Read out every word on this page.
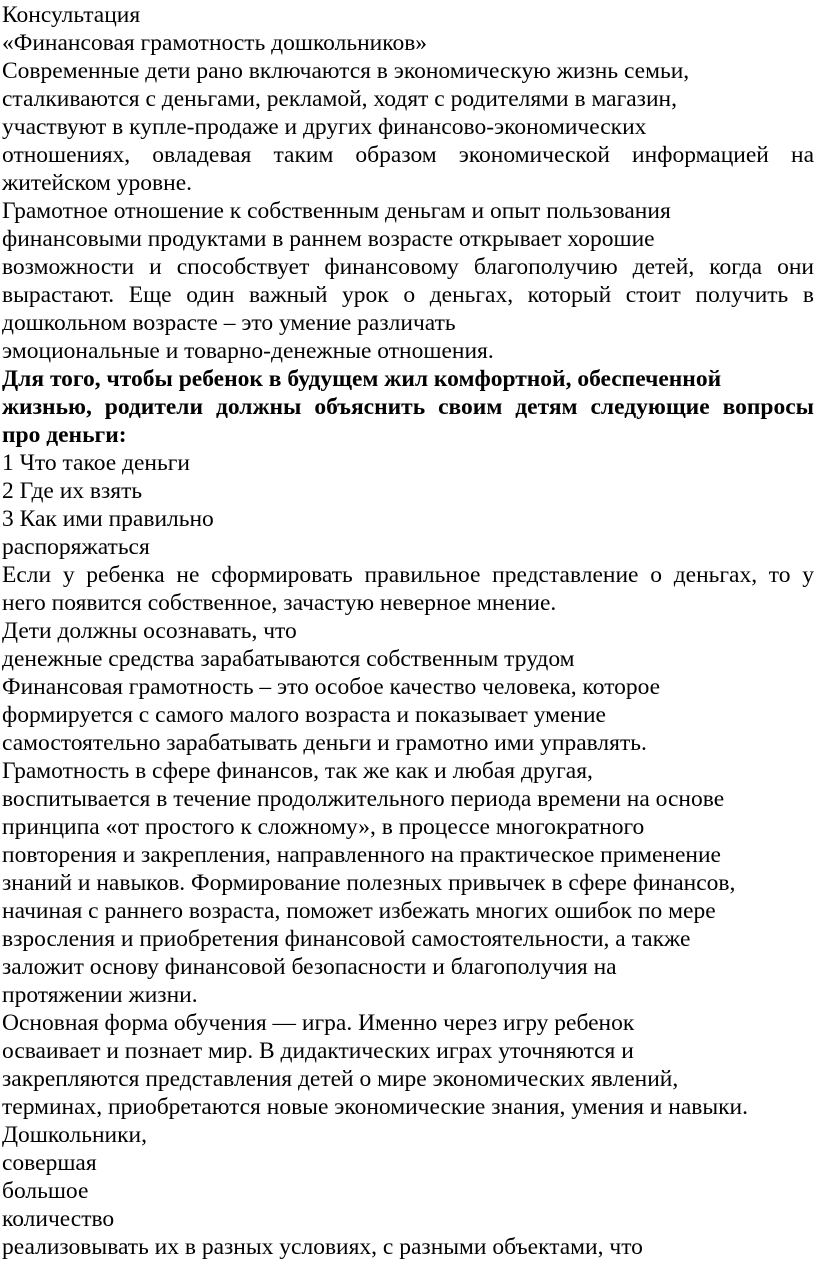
Консультация
«Финансовая грамотность дошкольников»
Современные дети рано включаются в экономическую жизнь семьи,
сталкиваются с деньгами, рекламой, ходят с родителями в магазин,
участвуют в купле-продаже и других финансово-экономических
отношениях, овладевая таким образом экономической информацией на
житейском уровне.
Грамотное отношение к собственным деньгам и опыт пользования
финансовыми продуктами в раннем возрасте открывает хорошие
возможности и способствует финансовому благополучию детей, когда они
вырастают. Еще один важный урок о деньгах, который стоит получить в
дошкольном возрасте – это умение различать
эмоциональные и товарно-денежные отношения.
Для того, чтобы ребенок в будущем жил комфортной, обеспеченной
жизнью, родители должны объяснить своим детям следующие вопросы
про деньги:
1 Что такое деньги
2 Где их взять
3 Как ими правильно
распоряжаться
Если у ребенка не сформировать правильное представление о деньгах, то у
него появится собственное, зачастую неверное мнение.
Дети должны осознавать, что
денежные средства зарабатываются собственным трудом
Финансовая грамотность – это особое качество человека, которое
формируется с самого малого возраста и показывает умение
самостоятельно зарабатывать деньги и грамотно ими управлять.
Грамотность в сфере финансов, так же как и любая другая,
воспитывается в течение продолжительного периода времени на основе
принципа «от простого к сложному», в процессе многократного
повторения и закрепления, направленного на практическое применение
знаний и навыков. Формирование полезных привычек в сфере финансов,
начиная с раннего возраста, поможет избежать многих ошибок по мере
взросления и приобретения финансовой самостоятельности, а также
заложит основу финансовой безопасности и благополучия на
протяжении жизни.
Основная форма обучения — игра. Именно через игру ребенок
осваивает и познает мир. В дидактических играх уточняются и
закрепляются представления детей о мире экономических явлений,
терминах, приобретаются новые экономические знания, умения и навыки.
Дошкольники,
совершая
большое
количество
реализовывать их в разных условиях, с разными объектами, что
